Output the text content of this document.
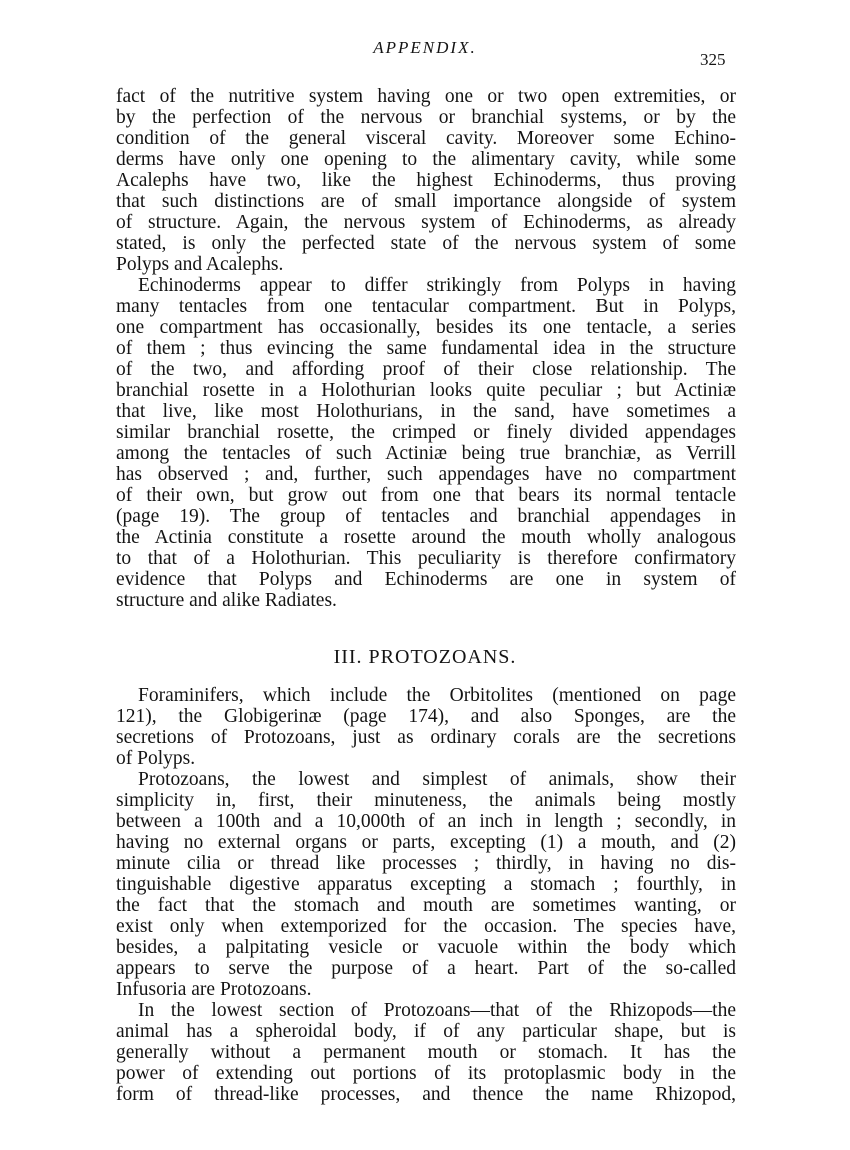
APPENDIX.
325
fact of the nutritive system having one or two open extremities, or
by the perfection of the nervous or branchial systems, or by the
condition of the general visceral cavity. Moreover some Echino-
derms have only one opening to the alimentary cavity, while some
Acalephs have two, like the highest Echinoderms, thus proving
that such distinctions are of small importance alongside of system
of structure. Again, the nervous system of Echinoderms, as already
stated, is only the perfected state of the nervous system of some
Polyps and Acalephs.
Echinoderms appear to differ strikingly from Polyps in having
many tentacles from one tentacular compartment. But in Polyps,
one compartment has occasionally, besides its one tentacle, a series
of them ; thus evincing the same fundamental idea in the structure
of the two, and affording proof of their close relationship. The
branchial rosette in a Holothurian looks quite peculiar ; but Actiniæ
that live, like most Holothurians, in the sand, have sometimes a
similar branchial rosette, the crimped or finely divided appendages
among the tentacles of such Actiniæ being true branchiæ, as Verrill
has observed ; and, further, such appendages have no compartment
of their own, but grow out from one that bears its normal tentacle
(page 19). The group of tentacles and branchial appendages in
the Actinia constitute a rosette around the mouth wholly analogous
to that of a Holothurian. This peculiarity is therefore confirmatory
evidence that Polyps and Echinoderms are one in system of
structure and alike Radiates.
III. PROTOZOANS.
Foraminifers, which include the Orbitolites (mentioned on page
121), the Globigerinæ (page 174), and also Sponges, are the
secretions of Protozoans, just as ordinary corals are the secretions
of Polyps.
Protozoans, the lowest and simplest of animals, show their
simplicity in, first, their minuteness, the animals being mostly
between a 100th and a 10,000th of an inch in length ; secondly, in
having no external organs or parts, excepting (1) a mouth, and (2)
minute cilia or thread like processes ; thirdly, in having no dis-
tinguishable digestive apparatus excepting a stomach ; fourthly, in
the fact that the stomach and mouth are sometimes wanting, or
exist only when extemporized for the occasion. The species have,
besides, a palpitating vesicle or vacuole within the body which
appears to serve the purpose of a heart. Part of the so-called
Infusoria are Protozoans.
In the lowest section of Protozoans—that of the Rhizopods—the
animal has a spheroidal body, if of any particular shape, but is
generally without a permanent mouth or stomach. It has the
power of extending out portions of its protoplasmic body in the
form of thread-like processes, and thence the name Rhizopod,
